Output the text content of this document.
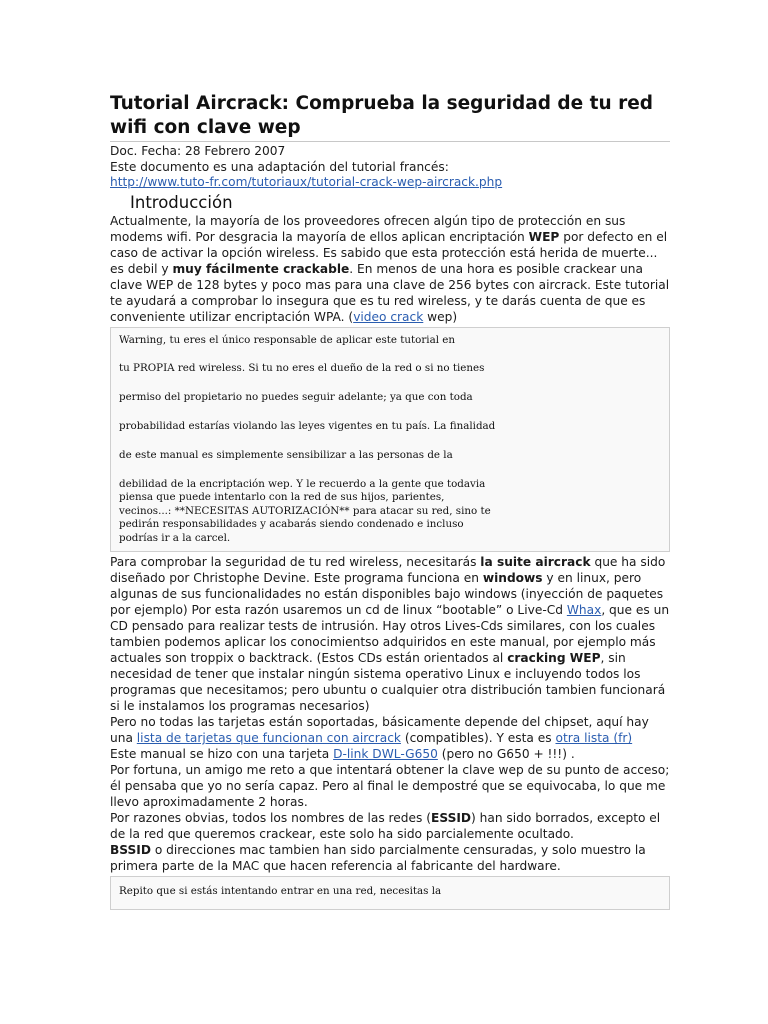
Tutorial Aircrack: Comprueba la seguridad de tu red wifi con clave wep
Doc. Fecha: 28 Febrero 2007
Este documento es una adaptación del tutorial francés:
http://www.tuto-fr.com/tutoriaux/tutorial-crack-wep-aircrack.php
Introducción

Actualmente, la mayoría de los proveedores ofrecen algún tipo de protección en sus modems wifi. Por desgracia la mayoría de ellos aplican encriptación WEP por defecto en el caso de activar la opción wireless. Es sabido que esta protección está herida de muerte... es debil y muy fácilmente crackable. En menos de una hora es posible crackear una clave WEP de 128 bytes y poco mas para una clave de 256 bytes con aircrack. Este tutorial te ayudará a comprobar lo insegura que es tu red wireless, y te darás cuenta de que es conveniente utilizar encriptación WPA. (video crack wep)

Warning, tu eres el único responsable de aplicar este tutorial en
tu PROPIA red wireless. Si tu no eres el dueño de la red o si no tienes
permiso del propietario no puedes seguir adelante; ya que con toda
probabilidad estarías violando las leyes vigentes en tu país. La finalidad
de este manual es simplemente sensibilizar a las personas de la
debilidad de la encriptación wep. Y le recuerdo a la gente que todavia
piensa que puede intentarlo con la red de sus hijos, parientes,
vecinos...: **NECESITAS AUTORIZACIÓN** para atacar su red, sino te
pedirán responsabilidades y acabarás siendo condenado e incluso
podrías ir a la carcel.

Para comprobar la seguridad de tu red wireless, necesitarás la suite aircrack que ha sido diseñado por Christophe Devine. Este programa funciona en windows y en linux, pero algunas de sus funcionalidades no están disponibles bajo windows (inyección de paquetes por ejemplo) Por esta razón usaremos un cd de linux “bootable” o Live-Cd Whax, que es un CD pensado para realizar tests de intrusión. Hay otros Lives-Cds similares, con los cuales tambien podemos aplicar los conocimientso adquiridos en este manual, por ejemplo más actuales son troppix o backtrack. (Estos CDs están orientados al cracking WEP, sin necesidad de tener que instalar ningún sistema operativo Linux e incluyendo todos los programas que necesitamos; pero ubuntu o cualquier otra distribución tambien funcionará si le instalamos los programas necesarios)

Pero no todas las tarjetas están soportadas, básicamente depende del chipset, aquí hay una lista de tarjetas que funcionan con aircrack (compatibles). Y esta es otra lista (fr)

Este manual se hizo con una tarjeta D-link DWL-G650 (pero no G650 + !!!) .

Por fortuna, un amigo me reto a que intentará obtener la clave wep de su punto de acceso; él pensaba que yo no sería capaz. Pero al final le dempostré que se equivocaba, lo que me llevo aproximadamente 2 horas.

Por razones obvias, todos los nombres de las redes (ESSID) han sido borrados, excepto el de la red que queremos crackear, este solo ha sido parcialemente ocultado.

BSSID o direcciones mac tambien han sido parcialmente censuradas, y solo muestro la primera parte de la MAC que hacen referencia al fabricante del hardware.

Repito que si estás intentando entrar en una red, necesitas la
